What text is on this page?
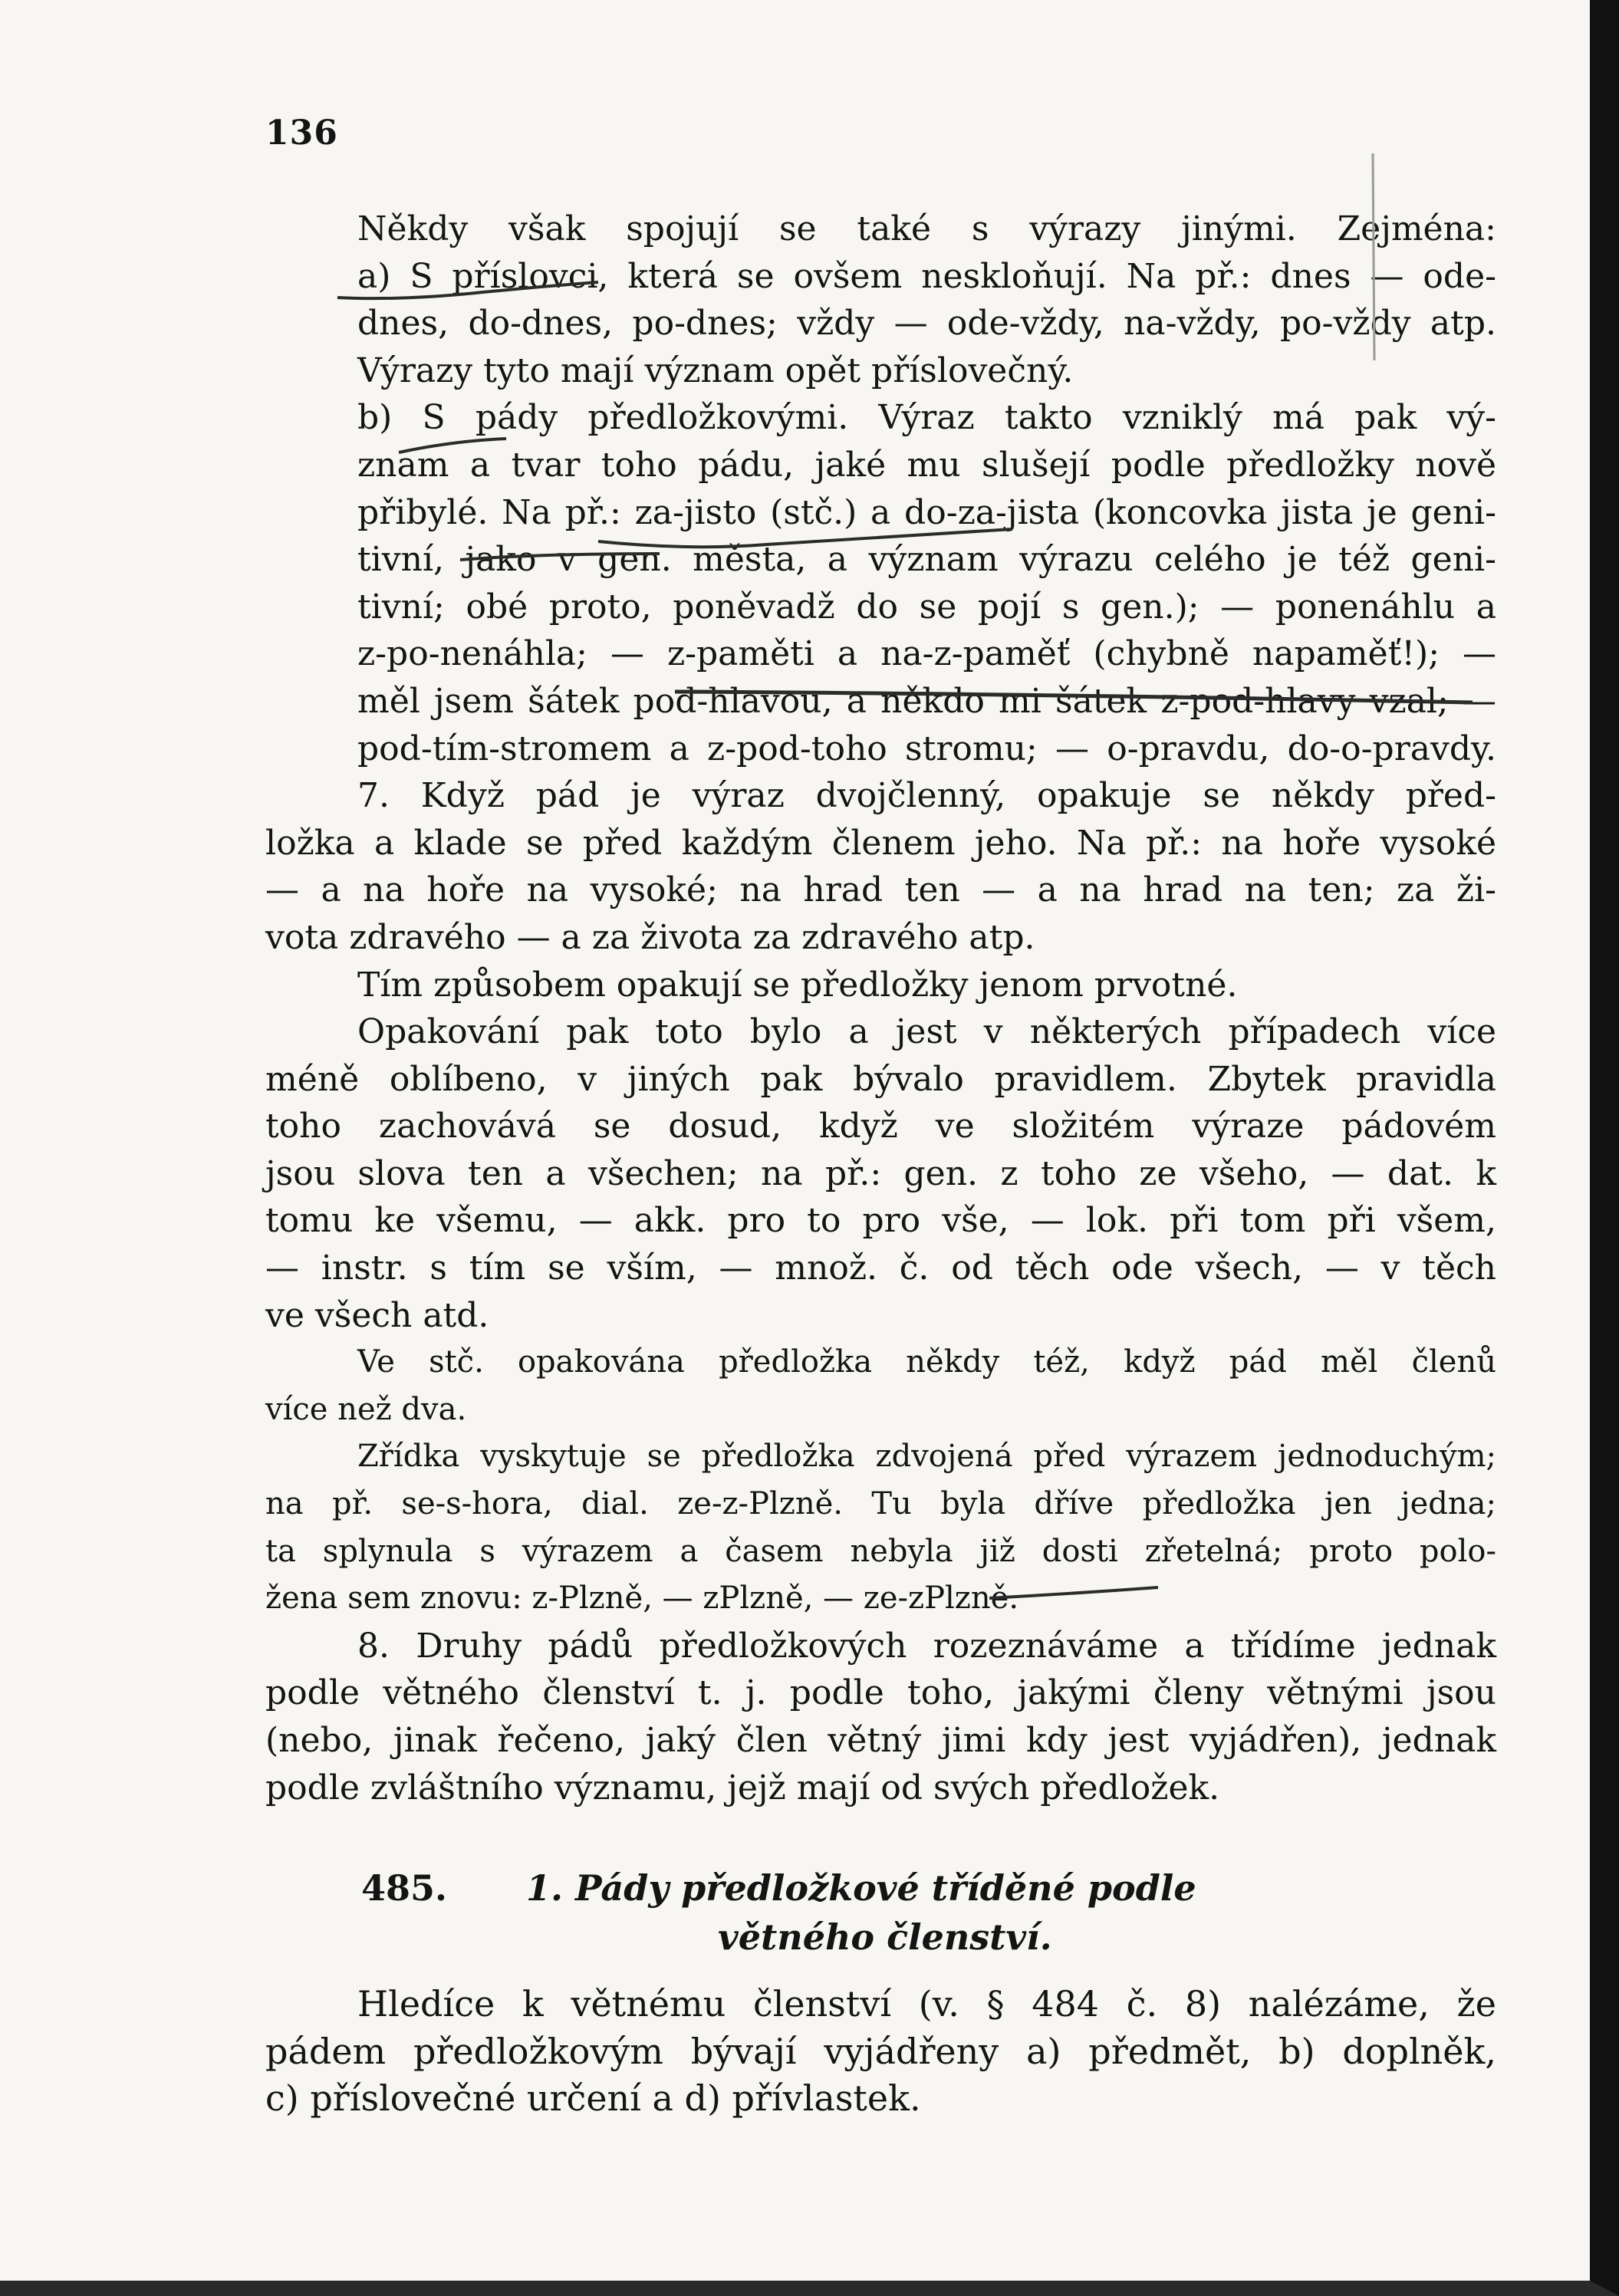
136
Někdy však spojují se také s výrazy jinými. Zejména:
a) S příslovci, která se ovšem neskloňují. Na př.: dnes — ode-
dnes, do-dnes, po-dnes; vždy — ode-vždy, na-vždy, po-vždy atp.
Výrazy tyto mají význam opět příslovečný.
b) S pády předložkovými. Výraz takto vzniklý má pak vý-
znam a tvar toho pádu, jaké mu slušejí podle předložky nově
přibylé. Na př.: za-jisto (stč.) a do-za-jista (koncovka jista je geni-
tivní, jako v gen. města, a význam výrazu celého je též geni-
tivní; obé proto, poněvadž do se pojí s gen.); — ponenáhlu a
z-po-nenáhla; — z-paměti a na-z-paměť (chybně napaměť!); —
měl jsem šátek pod-hlavou, a někdo mi šátek z-pod-hlavy vzal; —
pod-tím-stromem a z-pod-toho stromu; — o-pravdu, do-o-pravdy.
7. Když pád je výraz dvojčlenný, opakuje se někdy před-
ložka a klade se před každým členem jeho. Na př.: na hoře vysoké
— a na hoře na vysoké; na hrad ten — a na hrad na ten; za ži-
vota zdravého — a za života za zdravého atp.
Tím způsobem opakují se předložky jenom prvotné.
Opakování pak toto bylo a jest v některých případech více
méně oblíbeno, v jiných pak bývalo pravidlem. Zbytek pravidla
toho zachovává se dosud, když ve složitém výraze pádovém
jsou slova ten a všechen; na př.: gen. z toho ze všeho, — dat. k
tomu ke všemu, — akk. pro to pro vše, — lok. při tom při všem,
— instr. s tím se vším, — množ. č. od těch ode všech, — v těch
ve všech atd.
Ve stč. opakována předložka někdy též, když pád měl členů
více než dva.
Zřídka vyskytuje se předložka zdvojená před výrazem jednoduchým;
na př. se-s-hora, dial. ze-z-Plzně. Tu byla dříve předložka jen jedna;
ta splynula s výrazem a časem nebyla již dosti zřetelná; proto polo-
žena sem znovu: z-Plzně, — zPlzně, — ze-zPlzně.
8. Druhy pádů předložkových rozeznáváme a třídíme jednak
podle větného členství t. j. podle toho, jakými členy větnými jsou
(nebo, jinak řečeno, jaký člen větný jimi kdy jest vyjádřen), jednak
podle zvláštního významu, jejž mají od svých předložek.
485. 1. Pády předložkové tříděné podle
větného členství.
Hledíce k větnému členství (v. § 484 č. 8) nalézáme, že
pádem předložkovým bývají vyjádřeny a) předmět, b) doplněk,
c) příslovečné určení a d) přívlastek.
